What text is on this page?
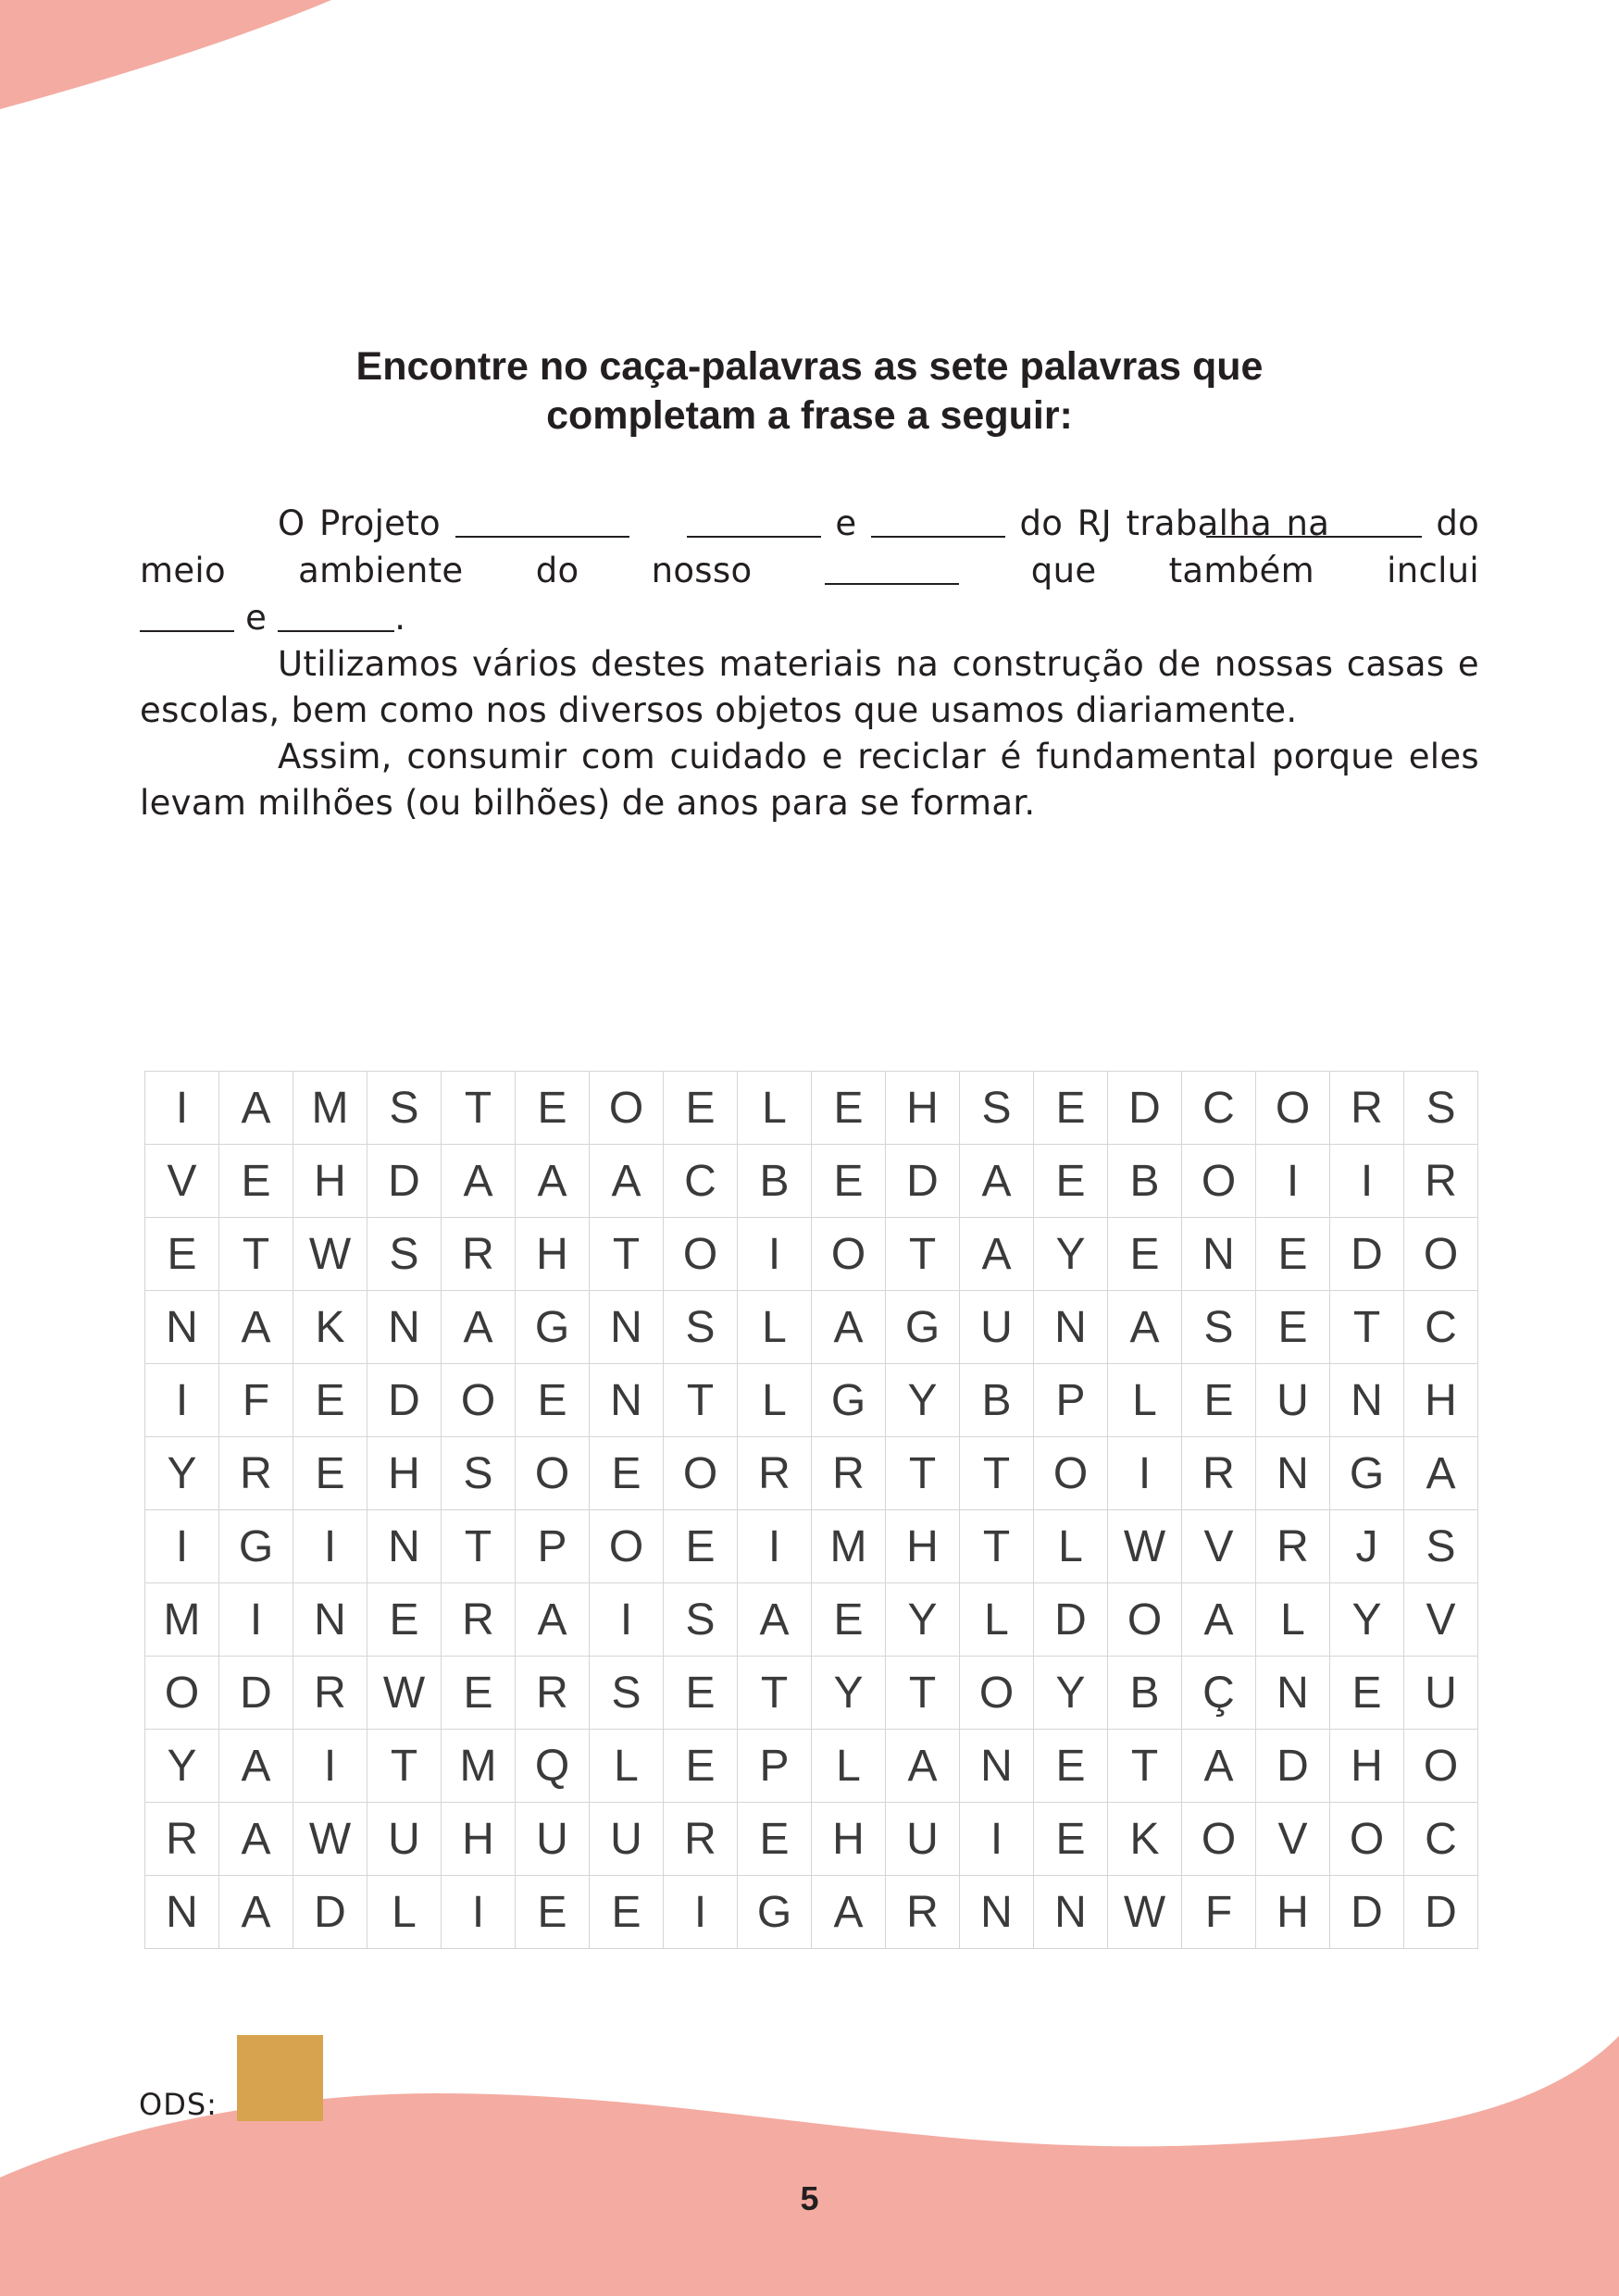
Encontre no caça-palavras as sete palavras que
completam a frase a seguir:

O Projeto	e	do RJ trabalha na	do meio ambiente do nosso	que também inclui

e	.

Utilizamos vários destes materiais na construção de nossas casas e escolas, bem como nos diversos objetos que usamos diariamente.

Assim, consumir com cuidado e reciclar é fundamental porque eles levam milhões (ou bilhões) de anos para se formar.

I	A	M	S	T	E	O	E	L	E	H	S	E	D	C	O	R	S
V	E	H	D	A	A	A	C	B	E	D	A	E	B	O	I	I	R
E	T	W	S	R	H	T	O	I	O	T	A	Y	E	N	E	D	O
N	A	K	N	A	G	N	S	L	A	G	U	N	A	S	E	T	C
I	F	E	D	O	E	N	T	L	G	Y	B	P	L	E	U	N	H
Y	R	E	H	S	O	E	O	R	R	T	T	O	I	R	N	G	A
I	G	I	N	T	P	O	E	I	M	H	T	L	W	V	R	J	S
M	I	N	E	R	A	I	S	A	E	Y	L	D	O	A	L	Y	V
O	D	R	W	E	R	S	E	T	Y	T	O	Y	B	Ç	N	E	U
Y	A	I	T	M	Q	L	E	P	L	A	N	E	T	A	D	H	O
R	A	W	U	H	U	U	R	E	H	U	I	E	K	O	V	O	C
N	A	D	L	I	E	E	I	G	A	R	N	N	W	F	H	D	D
ODS:
5
